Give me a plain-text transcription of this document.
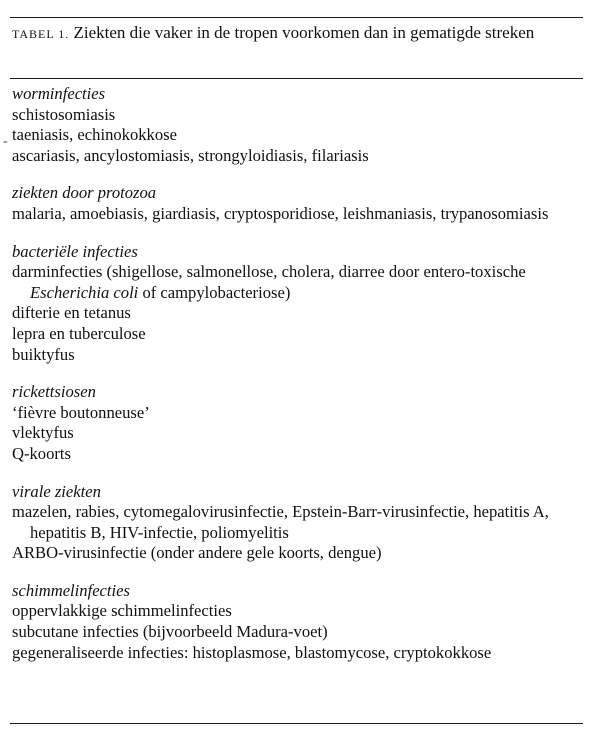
TABEL 1. Ziekten die vaker in de tropen voorkomen dan in gematigde streken
worminfecties
schistosomiasis
taeniasis, echinokokkose
ascariasis, ancylostomiasis, strongyloidiasis, filariasis
ziekten door protozoa
malaria, amoebiasis, giardiasis, cryptosporidiose, leishmaniasis, trypanosomiasis
bacteriële infecties
darminfecties (shigellose, salmonellose, cholera, diarree door entero-toxische Escherichia coli of campylobacteriose)
difterie en tetanus
lepra en tuberculose
buiktyfus
rickettsiosen
‘fièvre boutonneuse’
vlektyfus
Q-koorts
virale ziekten
mazelen, rabies, cytomegalovirusinfectie, Epstein-Barr-virusinfectie, hepatitis A, hepatitis B, HIV-infectie, poliomyelitis
ARBO-virusinfectie (onder andere gele koorts, dengue)
schimmelinfecties
oppervlakkige schimmelinfecties
subcutane infecties (bijvoorbeeld Madura-voet)
gegeneraliseerde infecties: histoplasmose, blastomycose, cryptokokkose
-
